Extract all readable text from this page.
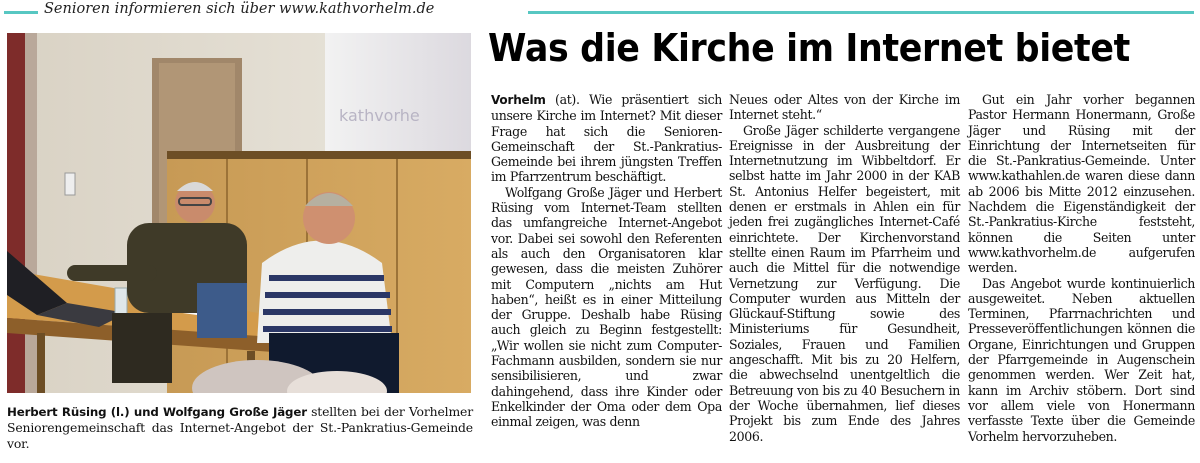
Senioren informieren sich über www.kathvorhelm.de
kathvorhe
Herbert Rüsing (l.) und Wolfgang Große Jäger stellten bei der Vorhelmer Seniorengemeinschaft das Internet-Angebot der St.-Pankratius-Gemeinde vor.
Was die Kirche im Internet bietet

Vorhelm (at). Wie präsentiert sich unsere Kirche im Internet? Mit dieser Frage hat sich die Senioren-Gemeinschaft der St.-Pankratius-Gemeinde bei ihrem jüngsten Treffen im Pfarrzentrum beschäftigt.

Wolfgang Große Jäger und Herbert Rüsing vom Internet-Team stellten das umfangreiche Internet-Angebot vor. Dabei sei sowohl den Referenten als auch den Organisatoren klar gewesen, dass die meisten Zuhörer mit Computern „nichts am Hut haben“, heißt es in einer Mitteilung der Gruppe. Deshalb habe Rüsing auch gleich zu Beginn festgestellt: „Wir wollen sie nicht zum Computer-Fachmann ausbilden, sondern sie nur sensibilisieren, und zwar dahingehend, dass ihre Kinder oder Enkelkinder der Oma oder dem Opa einmal zeigen, was denn

Neues oder Altes von der Kirche im Internet steht.“

Große Jäger schilderte vergangene Ereignisse in der Ausbreitung der Internetnutzung im Wibbeltdorf. Er selbst hatte im Jahr 2000 in der KAB St. Antonius Helfer begeistert, mit denen er erstmals in Ahlen ein für jeden frei zugängliches Internet-Café einrichtete. Der Kirchenvorstand stellte einen Raum im Pfarrheim und auch die Mittel für die notwendige Vernetzung zur Verfügung. Die Computer wurden aus Mitteln der Glückauf-Stiftung sowie des Ministeriums für Gesundheit, Soziales, Frauen und Familien angeschafft. Mit bis zu 20 Helfern, die abwechselnd unentgeltlich die Betreuung von bis zu 40 Besuchern in der Woche übernahmen, lief dieses Projekt bis zum Ende des Jahres 2006.

Gut ein Jahr vorher begannen Pastor Hermann Honermann, Große Jäger und Rüsing mit der Einrichtung der Internetseiten für die St.-Pankratius-Gemeinde. Unter www.kathahlen.de waren diese dann ab 2006 bis Mitte 2012 einzusehen. Nachdem die Eigenständigkeit der St.-Pankratius-Kirche feststeht, können die Seiten unter www.kathvorhelm.de aufgerufen werden.

Das Angebot wurde kontinuierlich ausgeweitet. Neben aktuellen Terminen, Pfarrnachrichten und Presseveröffentlichungen können die Organe, Einrichtungen und Gruppen der Pfarrgemeinde in Augenschein genommen werden. Wer Zeit hat, kann im Archiv stöbern. Dort sind vor allem viele von Honermann verfasste Texte über die Gemeinde Vorhelm hervorzuheben.
